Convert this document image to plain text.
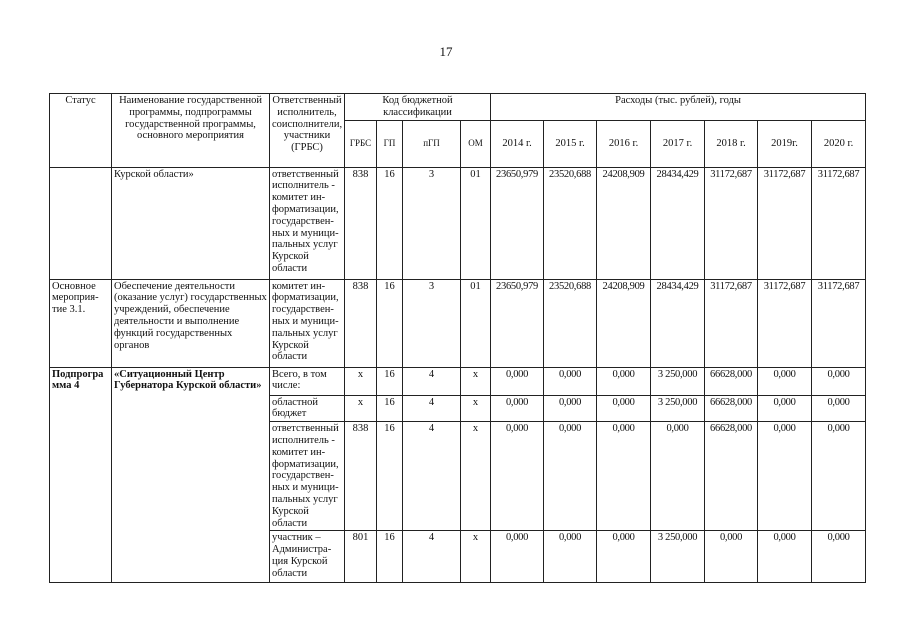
17
Статус	Наименование государственной программы, подпрограммы государственной программы, основного мероприятия	Ответственный исполнитель, соисполнители, участники (ГРБС)	Код бюджетной классификации				Расходы (тыс. рублей), годы						
			ГРБС	ГП	пГП	ОМ	2014 г.	2015 г.	2016 г.	2017 г.	2018 г.	2019г.	2020 г.
	Курской области»	ответственный исполнитель - комитет ин-форматизации, государствен-ных и муници-пальных услуг Курской области	838	16	3	01	23650,979	23520,688	24208,909	28434,429	31172,687	31172,687	31172,687
Основное мероприя-тие 3.1.	Обеспечение деятельности (оказание услуг) государственных учреждений, обеспечение деятельности и выполнение функций государственных органов	комитет ин-форматизации, государствен-ных и муници-пальных услуг Курской области	838	16	3	01	23650,979	23520,688	24208,909	28434,429	31172,687	31172,687	31172,687
Подпрогра мма 4	«Ситуационный Центр Губернатора Курской области»	Всего, в том числе:	х	16	4	х	0,000	0,000	0,000	3 250,000	66628,000	0,000	0,000
		областной бюджет	х	16	4	х	0,000	0,000	0,000	3 250,000	66628,000	0,000	0,000
		ответственный исполнитель - комитет ин-форматизации, государствен-ных и муници-пальных услуг Курской области	838	16	4	х	0,000	0,000	0,000	0,000	66628,000	0,000	0,000
		участник – Администра-ция Курской области	801	16	4	х	0,000	0,000	0,000	3 250,000	0,000	0,000	0,000
